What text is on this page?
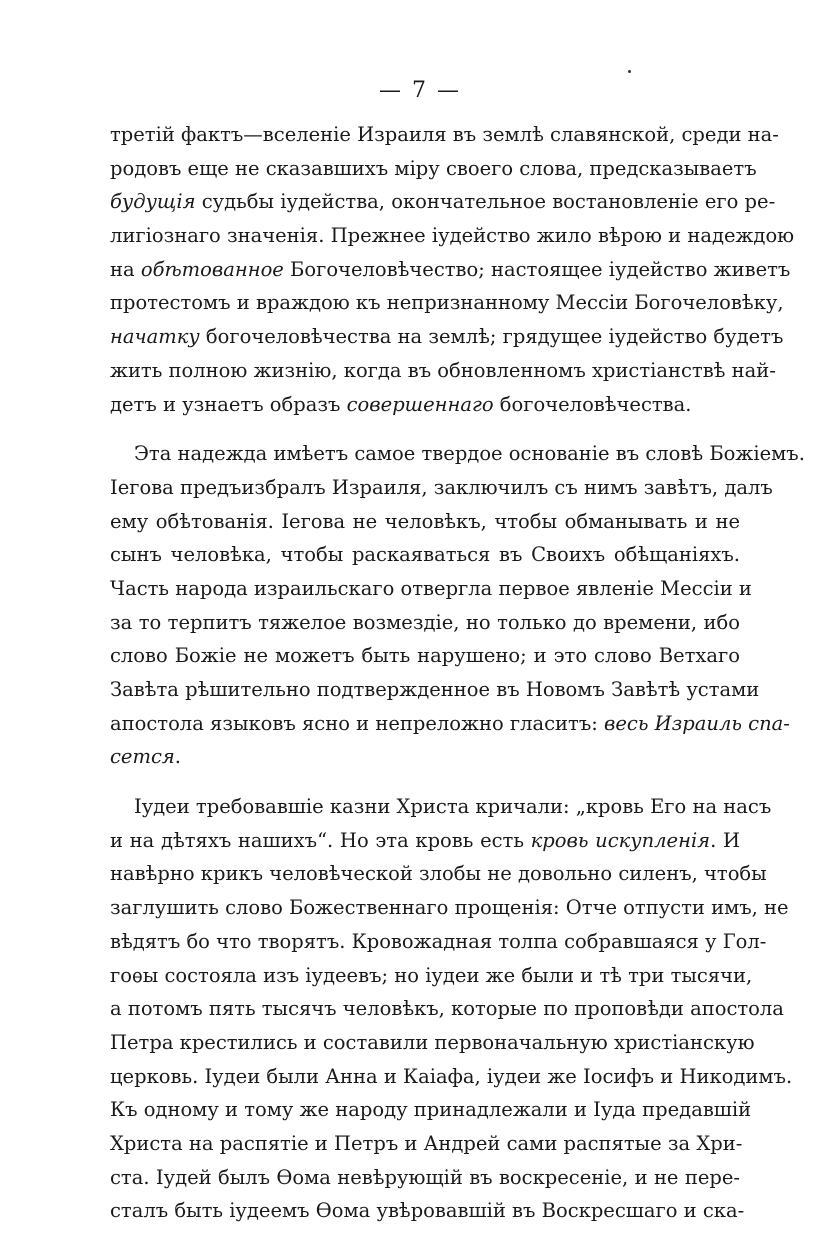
— 7 —
третій фактъ—вселеніе Израиля въ землѣ славянской, среди на-
родовъ еще не сказавшихъ міру своего слова, предсказываетъ
будущія судьбы іудейства, окончательное востановленіе его ре-
лигіознаго значенія. Прежнее іудейство жило вѣрою и надеждою
на обѣтованное Богочеловѣчество; настоящее іудейство живетъ
протестомъ и враждою къ непризнанному Мессіи Богочеловѣку,
начатку богочеловѣчества на землѣ; грядущее іудейство будетъ
жить полною жизнію, когда въ обновленномъ христіанствѣ най-
детъ и узнаетъ образъ совершеннаго богочеловѣчества.
Эта надежда имѣетъ самое твердое основаніе въ словѣ Божіемъ.
Іегова предъизбралъ Израиля, заключилъ съ нимъ завѣтъ, далъ
ему обѣтованія. Іегова не человѣкъ, чтобы обманывать и не
сынъ человѣка, чтобы раскаяваться въ Своихъ обѣщаніяхъ.
Часть народа израильскаго отвергла первое явленіе Мессіи и
за то терпитъ тяжелое возмездіе, но только до времени, ибо
слово Божіе не можетъ быть нарушено; и это слово Ветхаго
Завѣта рѣшительно подтвержденное въ Новомъ Завѣтѣ устами
апостола языковъ ясно и непреложно гласитъ: весь Израиль спа-
сется.
Іудеи требовавшіе казни Христа кричали: „кровь Его на насъ
и на дѣтяхъ нашихъ“. Но эта кровь есть кровь искупленія. И
навѣрно крикъ человѣческой злобы не довольно силенъ, чтобы
заглушить слово Божественнаго прощенія: Отче отпусти имъ, не
вѣдятъ бо что творятъ. Кровожадная толпа собравшаяся у Гол-
гоѳы состояла изъ іудеевъ; но іудеи же были и тѣ три тысячи,
а потомъ пять тысячъ человѣкъ, которые по проповѣди апостола
Петра крестились и составили первоначальную христіанскую
церковь. Іудеи были Анна и Каіафа, іудеи же Іосифъ и Никодимъ.
Къ одному и тому же народу принадлежали и Іуда предавшій
Христа на распятіе и Петръ и Андрей сами распятые за Хри-
ста. Іудей былъ Ѳома невѣрующій въ воскресеніе, и не пере-
сталъ быть іудеемъ Ѳома увѣровавшій въ Воскресшаго и ска-
